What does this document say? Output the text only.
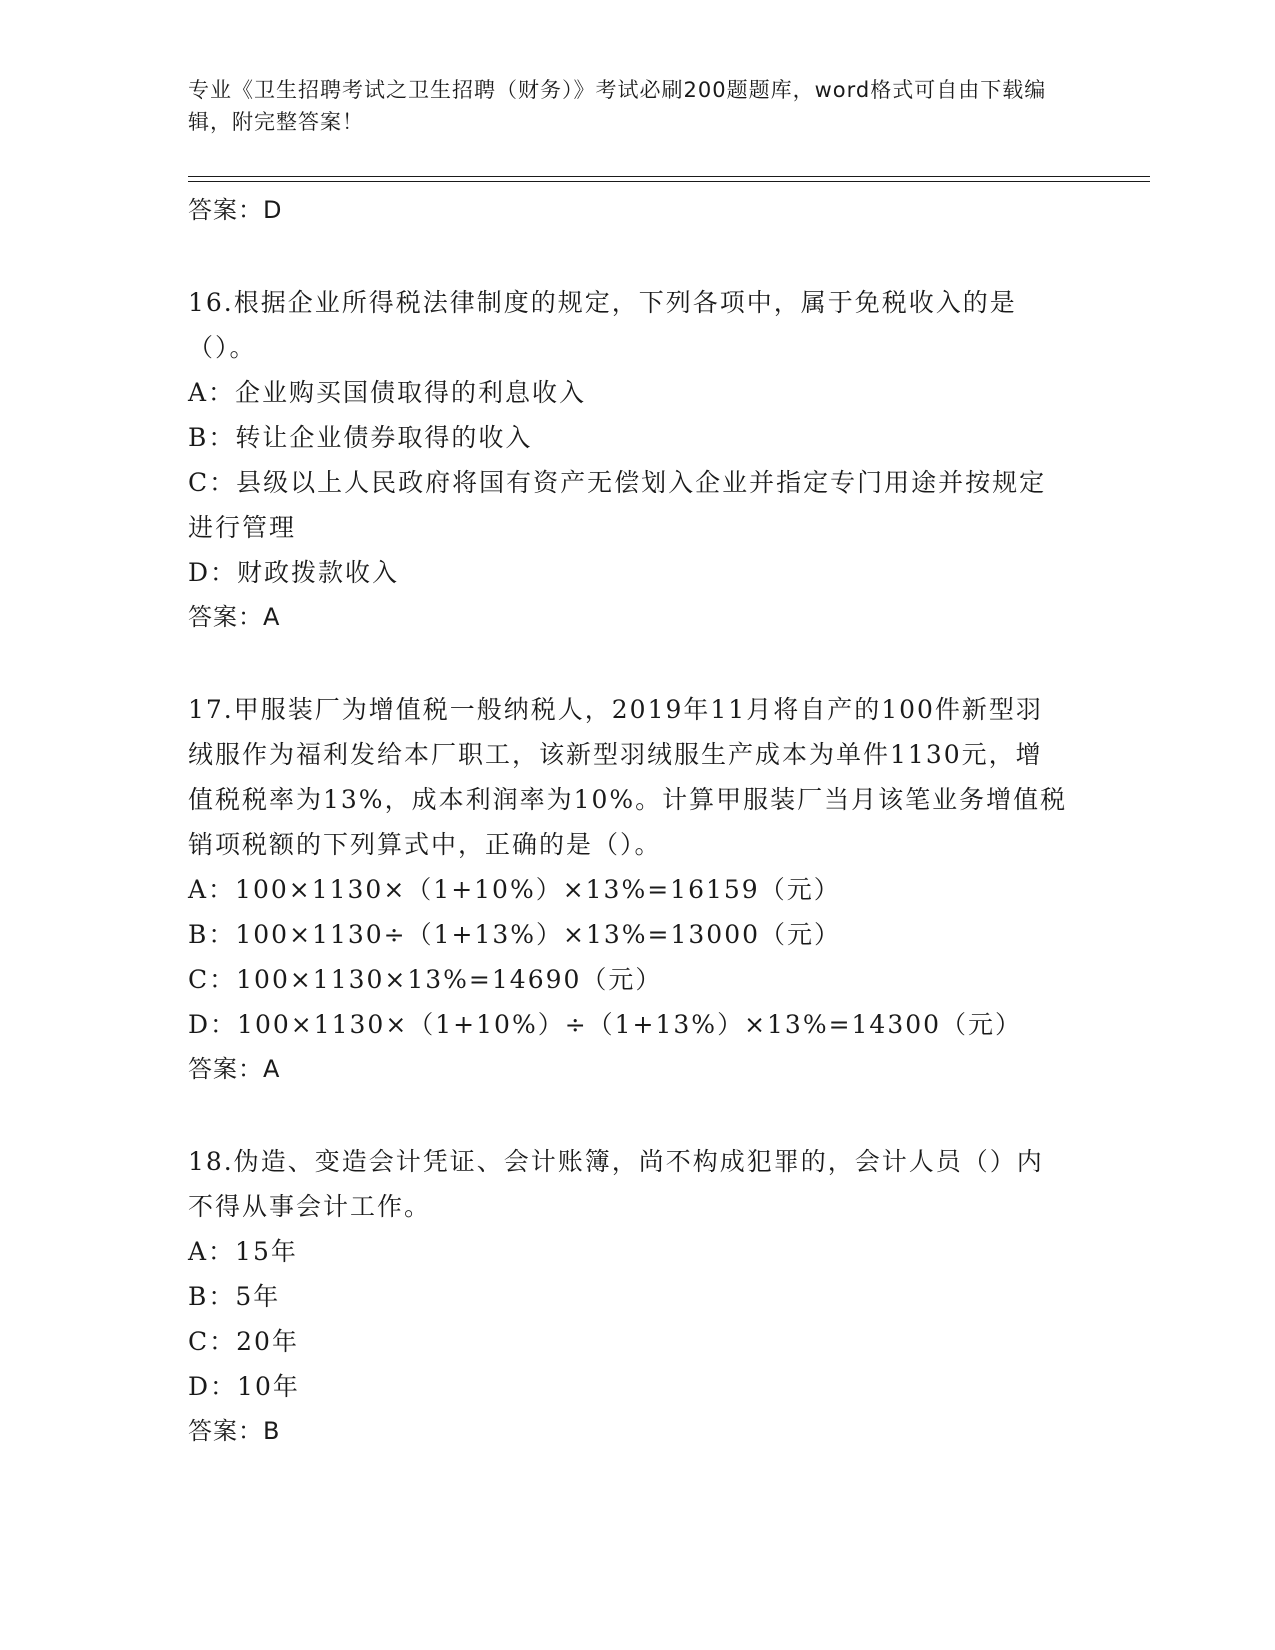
专业《卫生招聘考试之卫生招聘（财务）》考试必刷200题题库，word格式可自由下载编辑，附完整答案！
答案：D
16.根据企业所得税法律制度的规定，下列各项中，属于免税收入的是（）。
A：企业购买国债取得的利息收入
B：转让企业债券取得的收入
C：县级以上人民政府将国有资产无偿划入企业并指定专门用途并按规定进行管理
D：财政拨款收入
答案：A
17.甲服装厂为增值税一般纳税人，2019年11月将自产的100件新型羽绒服作为福利发给本厂职工，该新型羽绒服生产成本为单件1130元，增值税税率为13%，成本利润率为10%。计算甲服装厂当月该笔业务增值税销项税额的下列算式中，正确的是（）。
A：100×1130×（1+10%）×13%=16159（元）
B：100×1130÷（1+13%）×13%=13000（元）
C：100×1130×13%=14690（元）
D：100×1130×（1+10%）÷（1+13%）×13%=14300（元）
答案：A
18.伪造、变造会计凭证、会计账簿，尚不构成犯罪的，会计人员（）内不得从事会计工作。
A：15年
B：5年
C：20年
D：10年
答案：B
